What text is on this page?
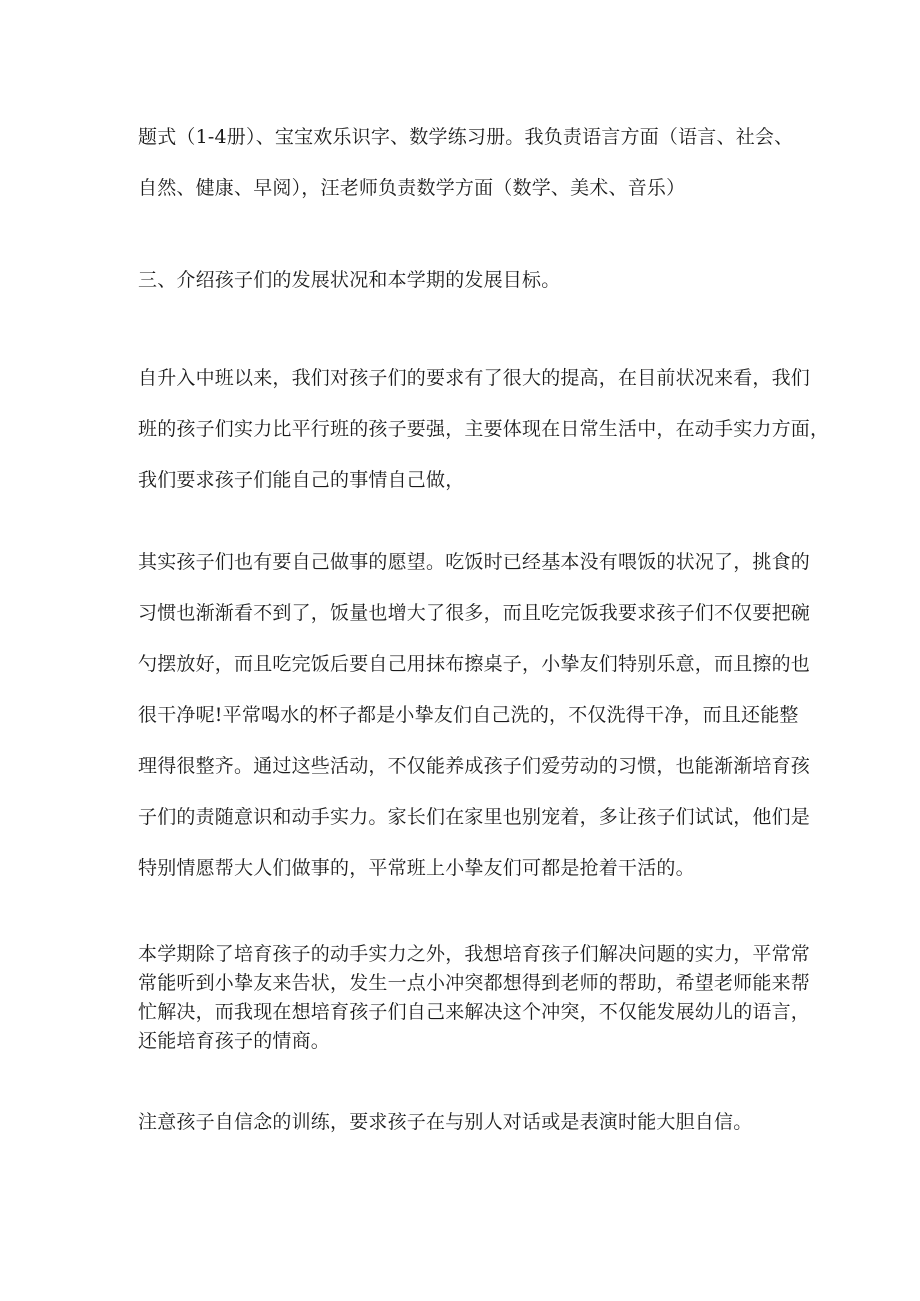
题式（1-4册）、宝宝欢乐识字、数学练习册。我负责语言方面（语言、社会、
自然、健康、早阅），汪老师负责数学方面（数学、美术、音乐）

三、介绍孩子们的发展状况和本学期的发展目标。

自升入中班以来，我们对孩子们的要求有了很大的提高，在目前状况来看，我们
班的孩子们实力比平行班的孩子要强，主要体现在日常生活中，在动手实力方面，
我们要求孩子们能自己的事情自己做，

其实孩子们也有要自己做事的愿望。吃饭时已经基本没有喂饭的状况了，挑食的
习惯也渐渐看不到了，饭量也增大了很多，而且吃完饭我要求孩子们不仅要把碗
勺摆放好，而且吃完饭后要自己用抹布擦桌子，小挚友们特别乐意，而且擦的也
很干净呢!平常喝水的杯子都是小挚友们自己洗的，不仅洗得干净，而且还能整
理得很整齐。通过这些活动，不仅能养成孩子们爱劳动的习惯，也能渐渐培育孩
子们的责随意识和动手实力。家长们在家里也别宠着，多让孩子们试试，他们是
特别情愿帮大人们做事的，平常班上小挚友们可都是抢着干活的。

本学期除了培育孩子的动手实力之外，我想培育孩子们解决问题的实力，平常常
常能听到小挚友来告状，发生一点小冲突都想得到老师的帮助，希望老师能来帮
忙解决，而我现在想培育孩子们自己来解决这个冲突，不仅能发展幼儿的语言，
还能培育孩子的情商。

注意孩子自信念的训练，要求孩子在与别人对话或是表演时能大胆自信。
